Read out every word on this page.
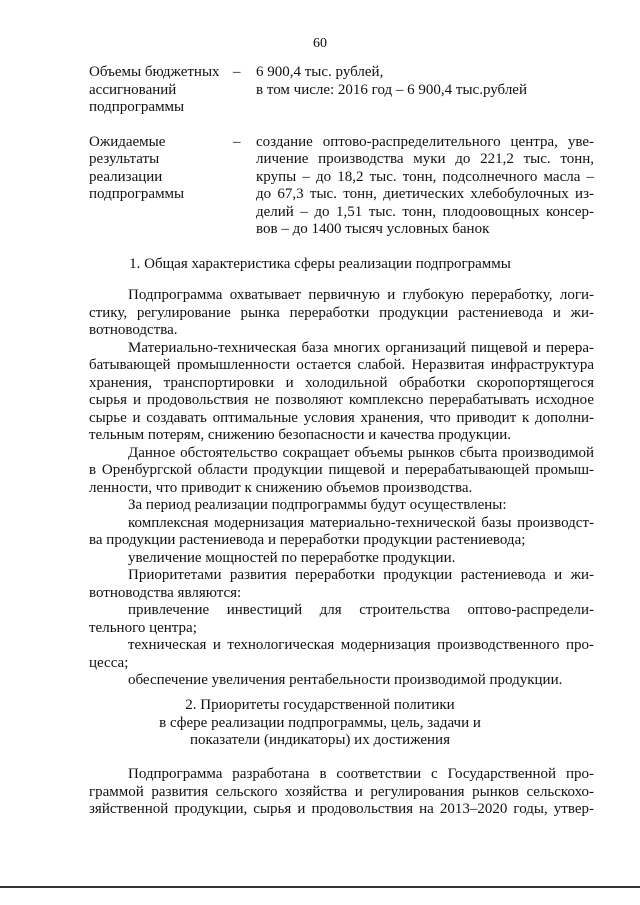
60
Объемы бюджетных
ассигнований
подпрограммы
–	6 900,4 тыс. рублей,
в том числе: 2016 год – 6 900,4 тыс.рублей
Ожидаемые
результаты
реализации
подпрограммы
–	создание оптово-распределительного центра, уве-
личение производства муки до 221,2 тыс. тонн,
крупы – до 18,2 тыс. тонн, подсолнечного масла –
до 67,3 тыс. тонн, диетических хлебобулочных из-
делий – до 1,51 тыс. тонн, плодоовощных консер-
вов – до 1400 тысяч условных банок
1. Общая характеристика сферы реализации подпрограммы
Подпрограмма охватывает первичную и глубокую переработку, логи-
стику, регулирование рынка переработки продукции растениевода и жи-
вотноводства.
Материально-техническая база многих организаций пищевой и перера-
батывающей промышленности остается слабой. Неразвитая инфраструктура
хранения, транспортировки и холодильной обработки скоропортящегося
сырья и продовольствия не позволяют комплексно перерабатывать исходное
сырье и создавать оптимальные условия хранения, что приводит к дополни-
тельным потерям, снижению безопасности и качества продукции.
Данное обстоятельство сокращает объемы рынков сбыта производимой
в Оренбургской области продукции пищевой и перерабатывающей промыш-
ленности, что приводит к снижению объемов производства.
За период реализации подпрограммы будут осуществлены:
комплексная модернизация материально-технической базы производст-
ва продукции растениевода и переработки продукции растениевода;
увеличение мощностей по переработке продукции.
Приоритетами развития переработки продукции растениевода и жи-
вотноводства являются:
привлечение инвестиций для строительства оптово-распредели-
тельного центра;
техническая и технологическая модернизация производственного про-
цесса;
обеспечение увеличения рентабельности производимой продукции.
2. Приоритеты государственной политики
в сфере реализации подпрограммы, цель, задачи и
показатели (индикаторы) их достижения
Подпрограмма разработана в соответствии с Государственной про-
граммой развития сельского хозяйства и регулирования рынков сельскохо-
зяйственной продукции, сырья и продовольствия на 2013–2020 годы, утвер-
